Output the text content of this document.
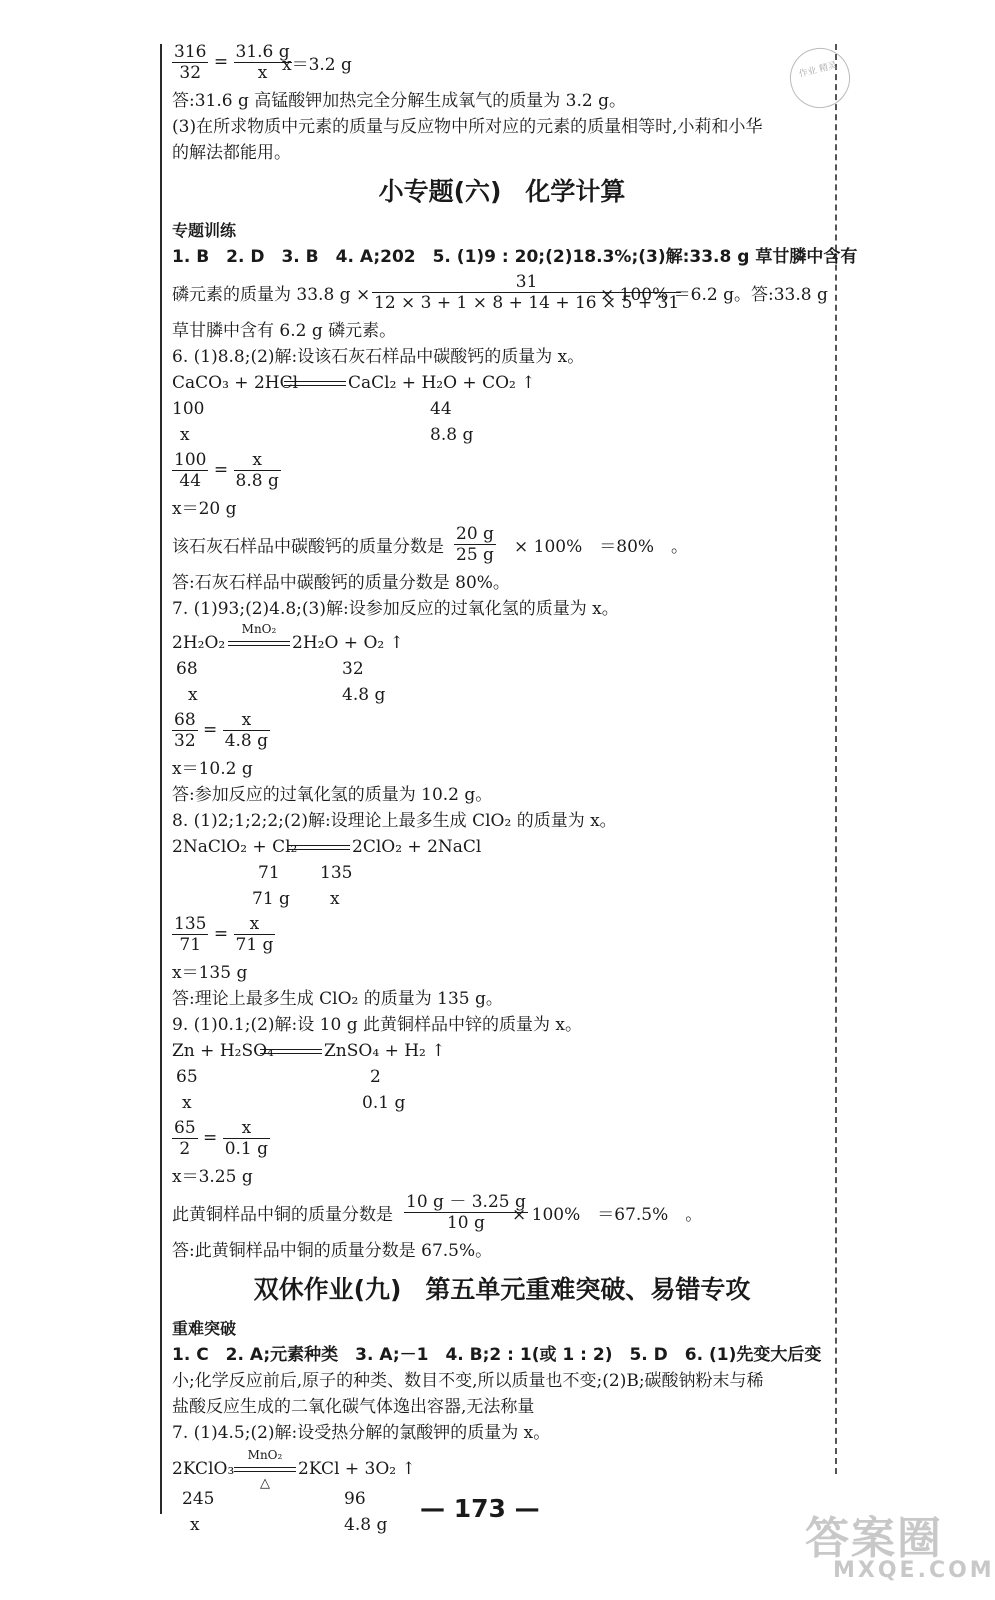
作业 精灵
$\frac{316}{32} = \frac{31.6 g}{x}$
x＝3.2 g
答:31.6 g 高锰酸钾加热完全分解生成氧气的质量为 3.2 g。
(3)在所求物质中元素的质量与反应物中所对应的元素的质量相等时,小莉和小华
的解法都能用。
小专题(六) 化学计算
专题训练
1. B　2. D　3. B　4. A;202　5. (1)9 : 20;(2)18.3%;(3)解:33.8 g 草甘膦中含有
磷元素的质量为 33.8 $g \times \frac{31}{12 \times 3 + 1 \times 8 + 14 + 16 \times 5 + 31}$
× 100% ＝6.2 g。答:33.8 g
草甘膦中含有 6.2 g 磷元素。
6. (1)8.8;(2)解:设该石灰石样品中碳酸钙的质量为 x。
CaCO₃ + 2HCl	CaCl₂ + H₂O + CO₂ ↑
100	44
x	8.8 g
$\frac{100}{44} = \frac{x}{8.8 g}$
x＝20 g
该石灰石样品中碳酸钙的质量分数是 $\frac{20 g}{25 g} \times 100\%$　＝80%　。
答:石灰石样品中碳酸钙的质量分数是 80%。
7. (1)93;(2)4.8;(3)解:设参加反应的过氧化氢的质量为 x。
2H₂O₂
MnO₂
2H₂O + O₂ ↑
68	32
x	4.8 g
$\frac{68}{32} = \frac{x}{4.8 g}$
x＝10.2 g
答:参加反应的过氧化氢的质量为 10.2 g。
8. (1)2;1;2;2;(2)解:设理论上最多生成 ClO₂ 的质量为 x。
2NaClO₂ + Cl₂	2ClO₂ + 2NaCl
71 135
71 g x
$\frac{135}{71} = \frac{x}{71 g}$
x＝135 g
答:理论上最多生成 ClO₂ 的质量为 135 g。
9. (1)0.1;(2)解:设 10 g 此黄铜样品中锌的质量为 x。
Zn + H₂SO₄	ZnSO₄ + H₂ ↑
65	2
x	0.1 g
$\frac{65}{2} = \frac{x}{0.1 g}$
x＝3.25 g
此黄铜样品中铜的质量分数是 $\frac{10 g - 3.25 g}{10 g}$
× 100%　＝67.5%　。
答:此黄铜样品中铜的质量分数是 67.5%。
双休作业(九) 第五单元重难突破、易错专攻
重难突破
1. C　2. A;元素种类　3. A;－1　4. B;2 : 1(或 1 : 2)　5. D　6. (1)先变大后变
小;化学反应前后,原子的种类、数目不变,所以质量也不变;(2)B;碳酸钠粉末与稀
盐酸反应生成的二氧化碳气体逸出容器,无法称量
7. (1)4.5;(2)解:设受热分解的氯酸钾的质量为 x。
2KClO₃
MnO₂
△
2KCl + 3O₂ ↑
245	96
x	4.8 g
— 173 —
答案圈
MXQE.COM
